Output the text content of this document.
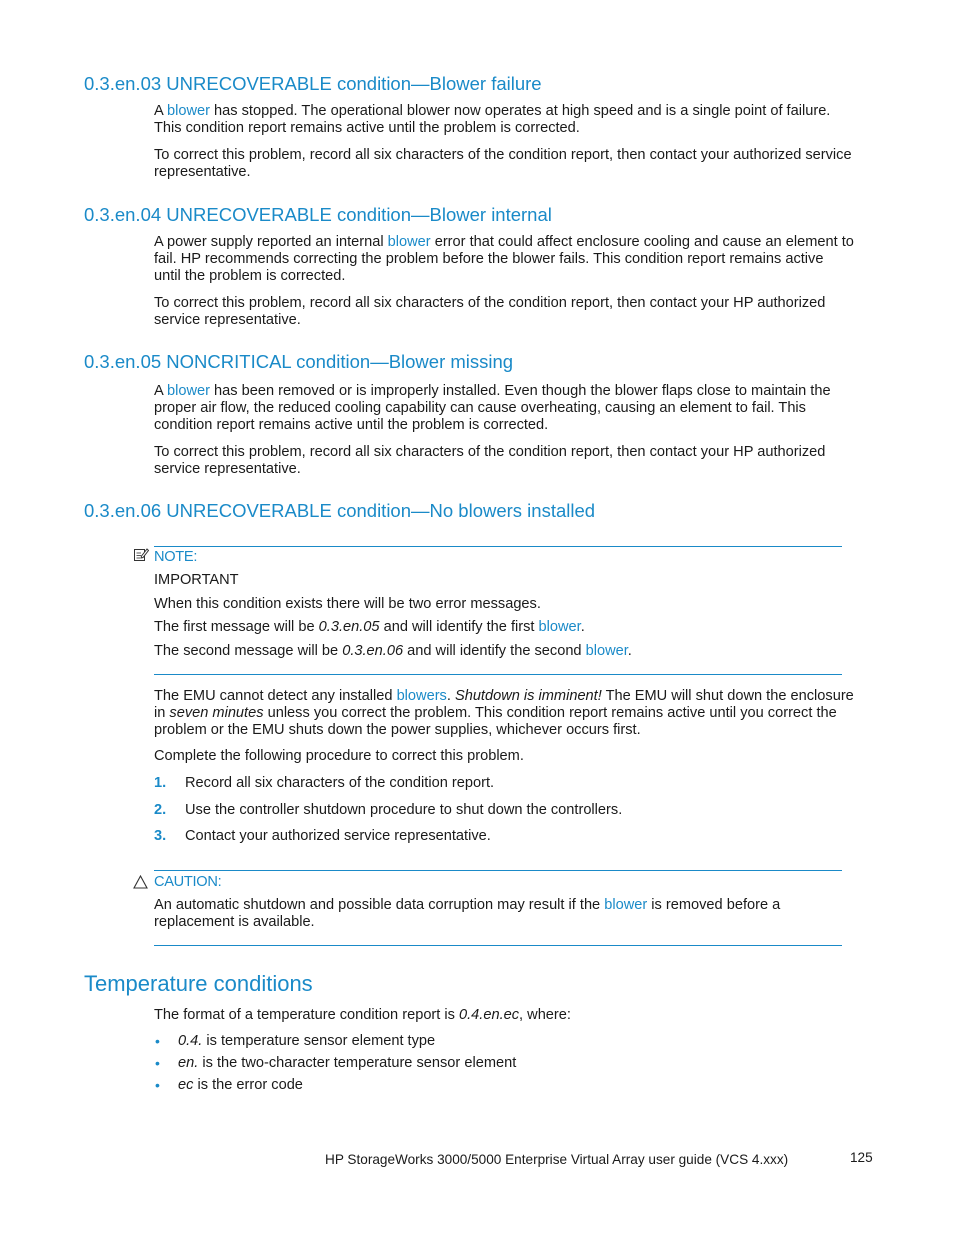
0.3.en.03 UNRECOVERABLE condition—Blower failure

A blower has stopped. The operational blower now operates at high speed and is a single point of failure. This condition report remains active until the problem is corrected.

To correct this problem, record all six characters of the condition report, then contact your authorized service representative.

0.3.en.04 UNRECOVERABLE condition—Blower internal

A power supply reported an internal blower error that could affect enclosure cooling and cause an element to fail. HP recommends correcting the problem before the blower fails. This condition report remains active until the problem is corrected.

To correct this problem, record all six characters of the condition report, then contact your HP authorized service representative.

0.3.en.05 NONCRITICAL condition—Blower missing

A blower has been removed or is improperly installed. Even though the blower flaps close to maintain the proper air flow, the reduced cooling capability can cause overheating, causing an element to fail. This condition report remains active until the problem is corrected.

To correct this problem, record all six characters of the condition report, then contact your HP authorized service representative.

0.3.en.06 UNRECOVERABLE condition—No blowers installed
NOTE:

IMPORTANT

When this condition exists there will be two error messages.

The first message will be 0.3.en.05 and will identify the first blower.

The second message will be 0.3.en.06 and will identify the second blower.

The EMU cannot detect any installed blowers. Shutdown is imminent! The EMU will shut down the enclosure in seven minutes unless you correct the problem. This condition report remains active until you correct the problem or the EMU shuts down the power supplies, whichever occurs first.

Complete the following procedure to correct this problem.

1. Record all six characters of the condition report.
2. Use the controller shutdown procedure to shut down the controllers.
3. Contact your authorized service representative.
CAUTION:

An automatic shutdown and possible data corruption may result if the blower is removed before a replacement is available.

Temperature conditions

The format of a temperature condition report is 0.4.en.ec, where:

• 0.4. is temperature sensor element type
• en. is the two-character temperature sensor element
• ec is the error code
HP StorageWorks 3000/5000 Enterprise Virtual Array user guide (VCS 4.xxx)	125
